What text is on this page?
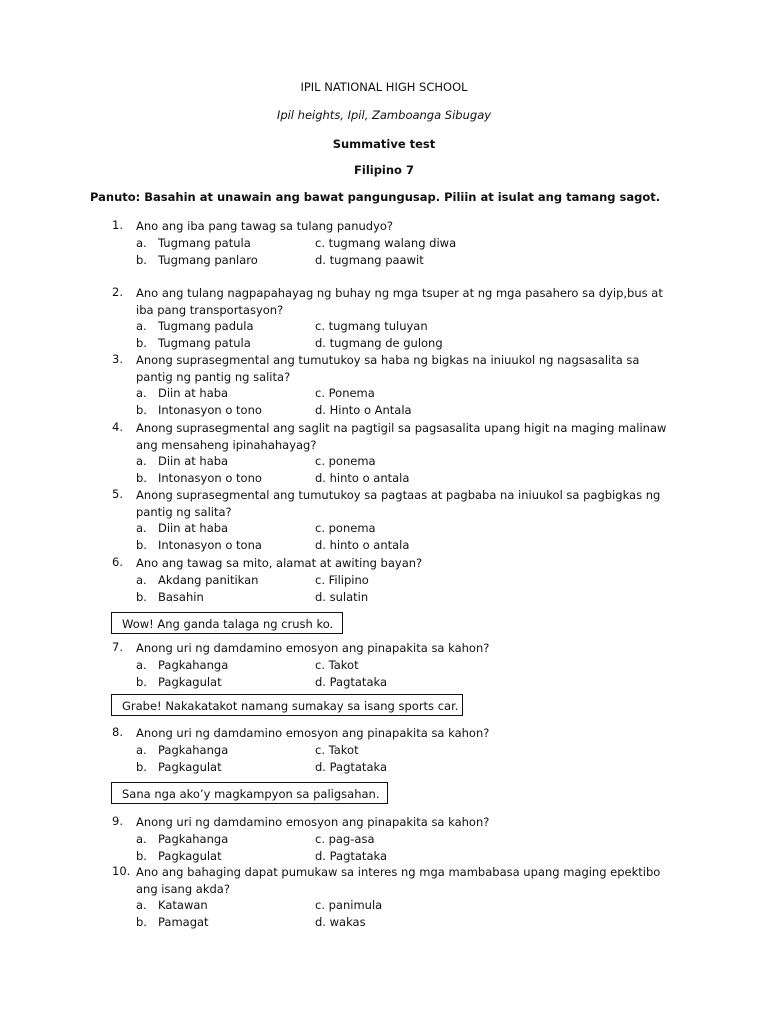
IPIL NATIONAL HIGH SCHOOL
Ipil heights, Ipil, Zamboanga Sibugay
Summative test
Filipino 7
Panuto: Basahin at unawain ang bawat pangungusap. Piliin at isulat ang tamang sagot.
1.	Ano ang iba pang tawag sa tulang panudyo?
a. Tugmang patula	c. tugmang walang diwa
b. Tugmang panlaro	d. tugmang paawit
2.	Ano ang tulang nagpapahayag ng buhay ng mga tsuper at ng mga pasahero sa dyip,bus at iba pang transportasyon?
a. Tugmang padula	c. tugmang tuluyan
b. Tugmang patula	d. tugmang de gulong
3.	Anong suprasegmental ang tumutukoy sa haba ng bigkas na iniuukol ng nagsasalita sa pantig ng pantig ng salita?
a. Diin at haba	c. Ponema
b. Intonasyon o tono	d. Hinto o Antala
4.	Anong suprasegmental ang saglit na pagtigil sa pagsasalita upang higit na maging malinaw ang mensaheng ipinahahayag?
a. Diin at haba	c. ponema
b. Intonasyon o tono	d. hinto o antala
5.	Anong suprasegmental ang tumutukoy sa pagtaas at pagbaba na iniuukol sa pagbigkas ng pantig ng salita?
a. Diin at haba	c. ponema
b. Intonasyon o tona	d. hinto o antala
6.	Ano ang tawag sa mito, alamat at awiting bayan?
a. Akdang panitikan	c. Filipino
b. Basahin	d. sulatin
Wow! Ang ganda talaga ng crush ko.
7.	Anong uri ng damdamino emosyon ang pinapakita sa kahon?
a. Pagkahanga	c. Takot
b. Pagkagulat	d. Pagtataka
Grabe! Nakakatakot namang sumakay sa isang sports car.
8.	Anong uri ng damdamino emosyon ang pinapakita sa kahon?
a. Pagkahanga	c. Takot
b. Pagkagulat	d. Pagtataka
Sana nga ako’y magkampyon sa paligsahan.
9.	Anong uri ng damdamino emosyon ang pinapakita sa kahon?
a. Pagkahanga	c. pag-asa
b. Pagkagulat	d. Pagtataka
10. Ano ang bahaging dapat pumukaw sa interes ng mga mambabasa upang maging epektibo ang isang akda?
a. Katawan	c. panimula
b. Pamagat	d. wakas
